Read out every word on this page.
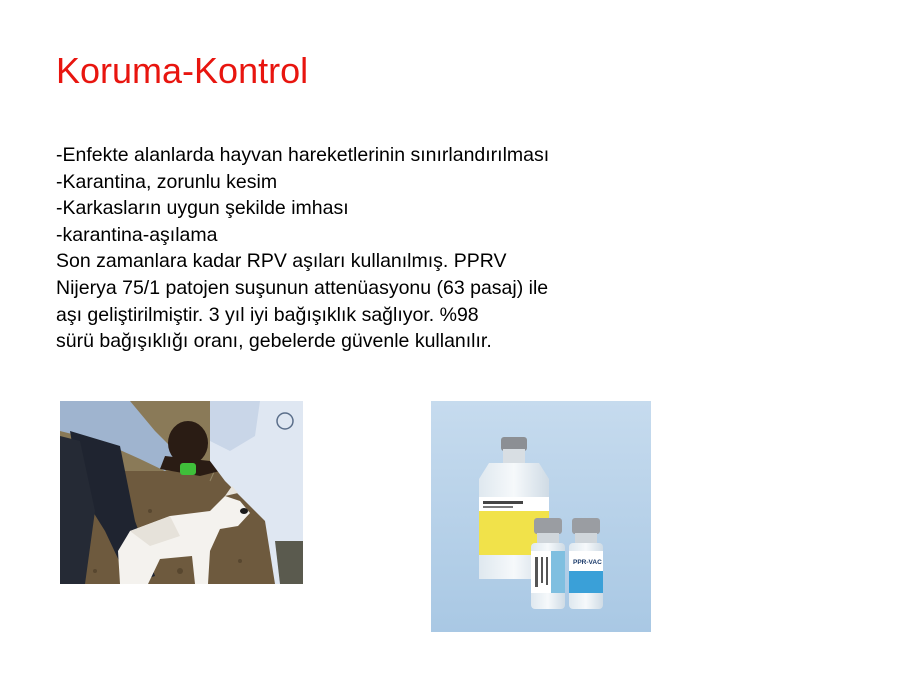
Koruma-Kontrol
-Enfekte alanlarda hayvan hareketlerinin sınırlandırılması
-Karantina, zorunlu kesim
-Karkasların uygun şekilde imhası
-karantina-aşılama
Son zamanlara kadar RPV aşıları kullanılmış. PPRV
Nijerya 75/1 patojen suşunun attenüasyonu (63 pasaj) ile
aşı geliştirilmiştir. 3 yıl iyi bağışıklık sağlıyor. %98
sürü bağışıklığı oranı, gebelerde güvenle kullanılır.
PPR-VAC
